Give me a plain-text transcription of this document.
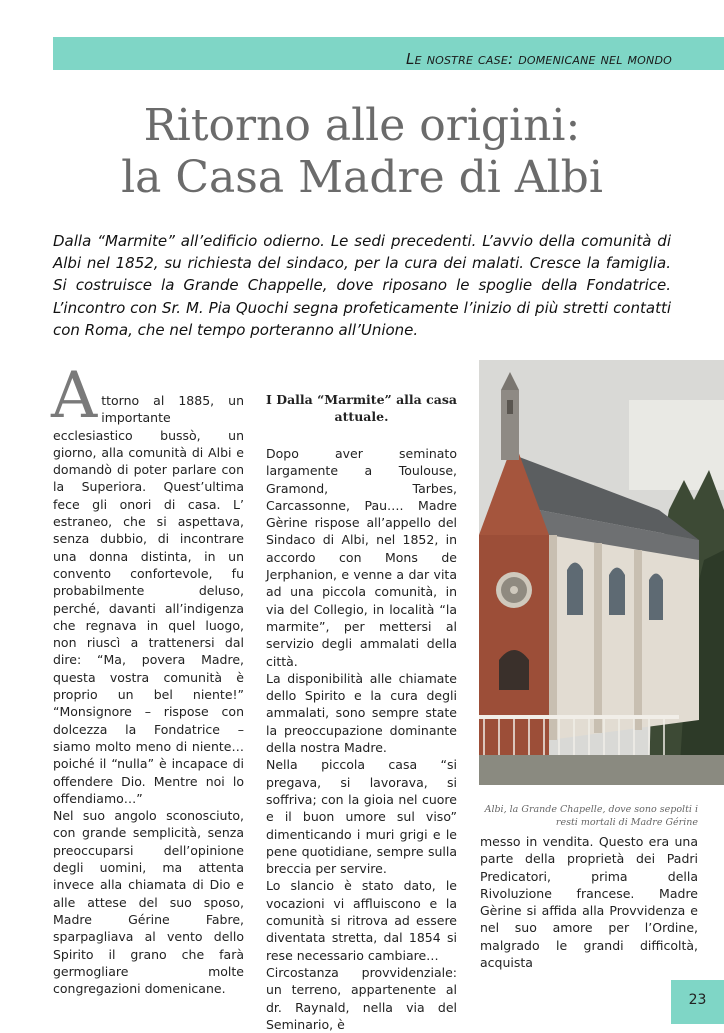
Le nostre case: domenicane nel mondo
Ritorno alle origini:
la Casa Madre di Albi

Dalla “Marmite” all’edificio odierno. Le sedi precedenti. L’avvio della comunità di Albi nel 1852, su richiesta del sindaco, per la cura dei malati. Cresce la famiglia. Si costruisce la Grande Chappelle, dove riposano le spoglie della Fondatrice. L’incontro con Sr. M. Pia Quochi segna profeticamente l’inizio di più stretti contatti con Roma, che nel tempo porteranno all’Unione.

A ttorno al 1885, un importante ecclesiastico bussò, un giorno, alla comunità di Albi e domandò di poter parlare con la Superiora. Quest’ultima fece gli onori di casa. L’ estraneo, che si aspettava, senza dubbio, di incontrare una donna distinta, in un convento confortevole, fu probabilmente deluso, perché, davanti all’indigenza che regnava in quel luogo, non riuscì a trattenersi dal dire: “Ma, povera Madre, questa vostra comunità è proprio un bel niente!” “Monsignore – rispose con dolcezza la Fondatrice – siamo molto meno di niente… poiché il “nulla” è incapace di offendere Dio. Mentre noi lo offendiamo…”

Nel suo angolo sconosciuto, con grande semplicità, senza preoccuparsi dell’opinione degli uomini, ma attenta invece alla chiamata di Dio e alle attese del suo sposo, Madre Gérine Fabre, sparpagliava al vento dello Spirito il grano che farà germogliare molte congregazioni domenicane.

I Dalla “Marmite” alla casa attuale.

Dopo aver seminato largamente a Toulouse, Gramond, Tarbes, Carcassonne, Pau…. Madre Gèrine rispose all’appello del Sindaco di Albi, nel 1852, in accordo con Mons de Jerphanion, e venne a dar vita ad una piccola comunità, in via del Collegio, in località “la marmite”, per mettersi al servizio degli ammalati della città.

La disponibilità alle chiamate dello Spirito e la cura degli ammalati, sono sempre state la preoccupazione dominante della nostra Madre.

Nella piccola casa “si pregava, si lavorava, si soffriva; con la gioia nel cuore e il buon umore sul viso” dimenticando i muri grigi e le pene quotidiane, sempre sulla breccia per servire.

Lo slancio è stato dato, le vocazioni vi affluiscono e la comunità si ritrova ad essere diventata stretta, dal 1854 si rese necessario cambiare…

Circostanza provvidenziale: un terreno, appartenente al dr. Raynald, nella via del Seminario, è

Albi, la Grande Chapelle, dove sono sepolti i resti mortali di Madre Gérine

messo in vendita. Questo era una parte della proprietà dei Padri Predicatori, prima della Rivoluzione francese. Madre Gèrine si affida alla Provvidenza e nel suo amore per l’Ordine, malgrado le grandi difficoltà, acquista

23
